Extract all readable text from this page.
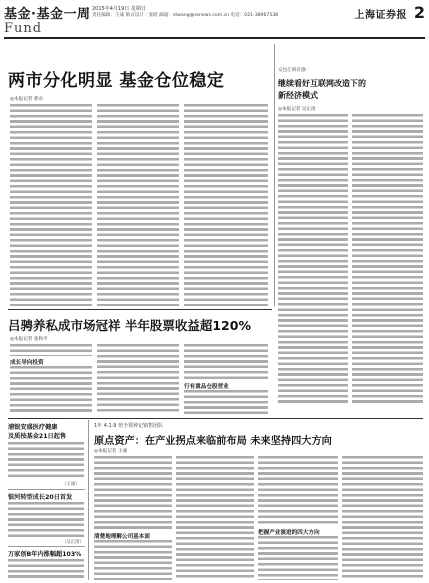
基金·基金一周
Fund
2015年4月19日 星期日
责任编辑：王诚 版式设计：张皓 邮箱：stwang@ssnews.com.cn 电话：021-38967538	上海证券报 2
两市分化明显 基金仓位稳定
◎本报记者 郭卓
众包汇研有感：
继续看好互联网改造下的
新经济模式
◎本报记者 吴正清
吕骋养私成市场冠祥 半年股票收益超120%
◎本报记者 张和平
成长导向投资
行有重品仓股营业
浦银安盛医疗健康
及质按基金21日起售
（王诚）
银河转型成长20日首发
（吴正清）
万家创B年内涨幅超103%
1年 4.1.9 倍全领钟记销售团队
原点资产：在产业拐点来临前布局 未来坚持四大方向
◎本报记者 王诚
清楚地理解公司基本面
把握产业演进的四大方向
